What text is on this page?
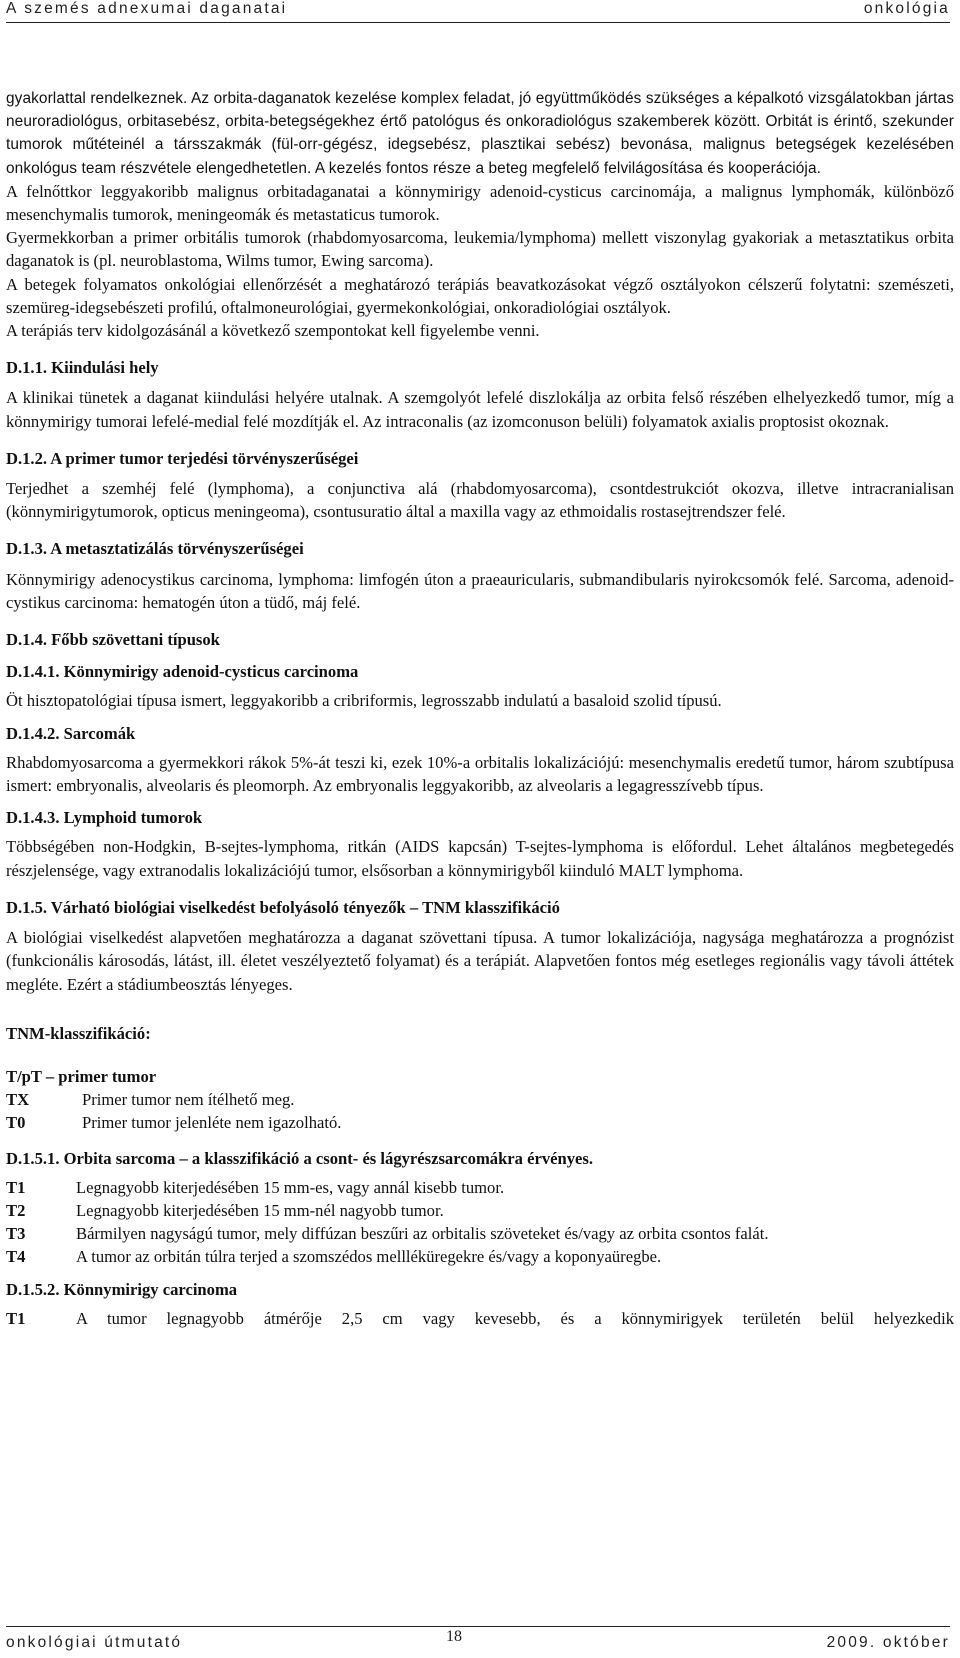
A szemés adnexumai daganatai	onkológia

gyakorlattal rendelkeznek. Az orbita-daganatok kezelése komplex feladat, jó együttműködés szükséges a képalkotó vizsgálatokban jártas neuroradiológus, orbitasebész, orbita-betegségekhez értő patológus és onkoradiológus szakemberek között. Orbitát is érintő, szekunder tumorok műtéteinél a társszakmák (fül-orr-gégész, idegsebész, plasztikai sebész) bevonása, malignus betegségek kezelésében onkológus team részvétele elengedhetetlen. A kezelés fontos része a beteg megfelelő felvilágosítása és kooperációja.

A felnőttkor leggyakoribb malignus orbitadaganatai a könnymirigy adenoid-cysticus carcinomája, a malignus lymphomák, különböző mesenchymalis tumorok, meningeomák és metastaticus tumorok.

Gyermekkorban a primer orbitális tumorok (rhabdomyosarcoma, leukemia/lymphoma) mellett viszonylag gyakoriak a metasztatikus orbita daganatok is (pl. neuroblastoma, Wilms tumor, Ewing sarcoma).

A betegek folyamatos onkológiai ellenőrzését a meghatározó terápiás beavatkozásokat végző osztályokon célszerű folytatni: szemészeti, szemüreg-idegsebészeti profilú, oftalmoneurológiai, gyermekonkológiai, onkoradiológiai osztályok.

A terápiás terv kidolgozásánál a következő szempontokat kell figyelembe venni.

D.1.1. Kiindulási hely

A klinikai tünetek a daganat kiindulási helyére utalnak. A szemgolyót lefelé diszlokálja az orbita felső részében elhelyezkedő tumor, míg a könnymirigy tumorai lefelé-medial felé mozdítják el. Az intraconalis (az izomconuson belüli) folyamatok axialis proptosist okoznak.

D.1.2. A primer tumor terjedési törvényszerűségei

Terjedhet a szemhéj felé (lymphoma), a conjunctiva alá (rhabdomyosarcoma), csontdestrukciót okozva, illetve intracranialisan (könnymirigytumorok, opticus meningeoma), csontusuratio által a maxilla vagy az ethmoidalis rostasejtrendszer felé.

D.1.3. A metasztatizálás törvényszerűségei

Könnymirigy adenocystikus carcinoma, lymphoma: limfogén úton a praeauricularis, submandibularis nyirokcsomók felé. Sarcoma, adenoid-cystikus carcinoma: hematogén úton a tüdő, máj felé.

D.1.4. Főbb szövettani típusok
D.1.4.1. Könnymirigy adenoid-cysticus carcinoma

Öt hisztopatológiai típusa ismert, leggyakoribb a cribriformis, legrosszabb indulatú a basaloid szolid típusú.

D.1.4.2. Sarcomák

Rhabdomyosarcoma a gyermekkori rákok 5%-át teszi ki, ezek 10%-a orbitalis lokalizációjú: mesenchymalis eredetű tumor, három szubtípusa ismert: embryonalis, alveolaris és pleomorph. Az embryonalis leggyakoribb, az alveolaris a legagresszívebb típus.

D.1.4.3. Lymphoid tumorok

Többségében non-Hodgkin, B-sejtes-lymphoma, ritkán (AIDS kapcsán) T-sejtes-lymphoma is előfordul. Lehet általános megbetegedés részjelensége, vagy extranodalis lokalizációjú tumor, elsősorban a könnymirigyből kiinduló MALT lymphoma.

D.1.5. Várható biológiai viselkedést befolyásoló tényezők – TNM klasszifikáció

A biológiai viselkedést alapvetően meghatározza a daganat szövettani típusa. A tumor lokalizációja, nagysága meghatározza a prognózist (funkcionális károsodás, látást, ill. életet veszélyeztető folyamat) és a terápiát. Alapvetően fontos még esetleges regionális vagy távoli áttétek megléte. Ezért a stádiumbeosztás lényeges.

TNM-klasszifikáció:
T/pT – primer tumor
TX	Primer tumor nem ítélhető meg.
T0	Primer tumor jelenléte nem igazolható.
D.1.5.1. Orbita sarcoma – a klasszifikáció a csont- és lágyrészsarcomákra érvényes.
T1	Legnagyobb kiterjedésében 15 mm-es, vagy annál kisebb tumor.
T2	Legnagyobb kiterjedésében 15 mm-nél nagyobb tumor.
T3	Bármilyen nagyságú tumor, mely diffúzan beszűri az orbitalis szöveteket és/vagy az orbita csontos falát.
T4	A tumor az orbitán túlra terjed a szomszédos mellléküregekre és/vagy a koponyaüregbe.
D.1.5.2. Könnymirigy carcinoma
T1	A tumor legnagyobb átmérője 2,5 cm vagy kevesebb, és a könnymirigyek területén belül helyezkedik
onkológiai útmutató	18	2009. október
